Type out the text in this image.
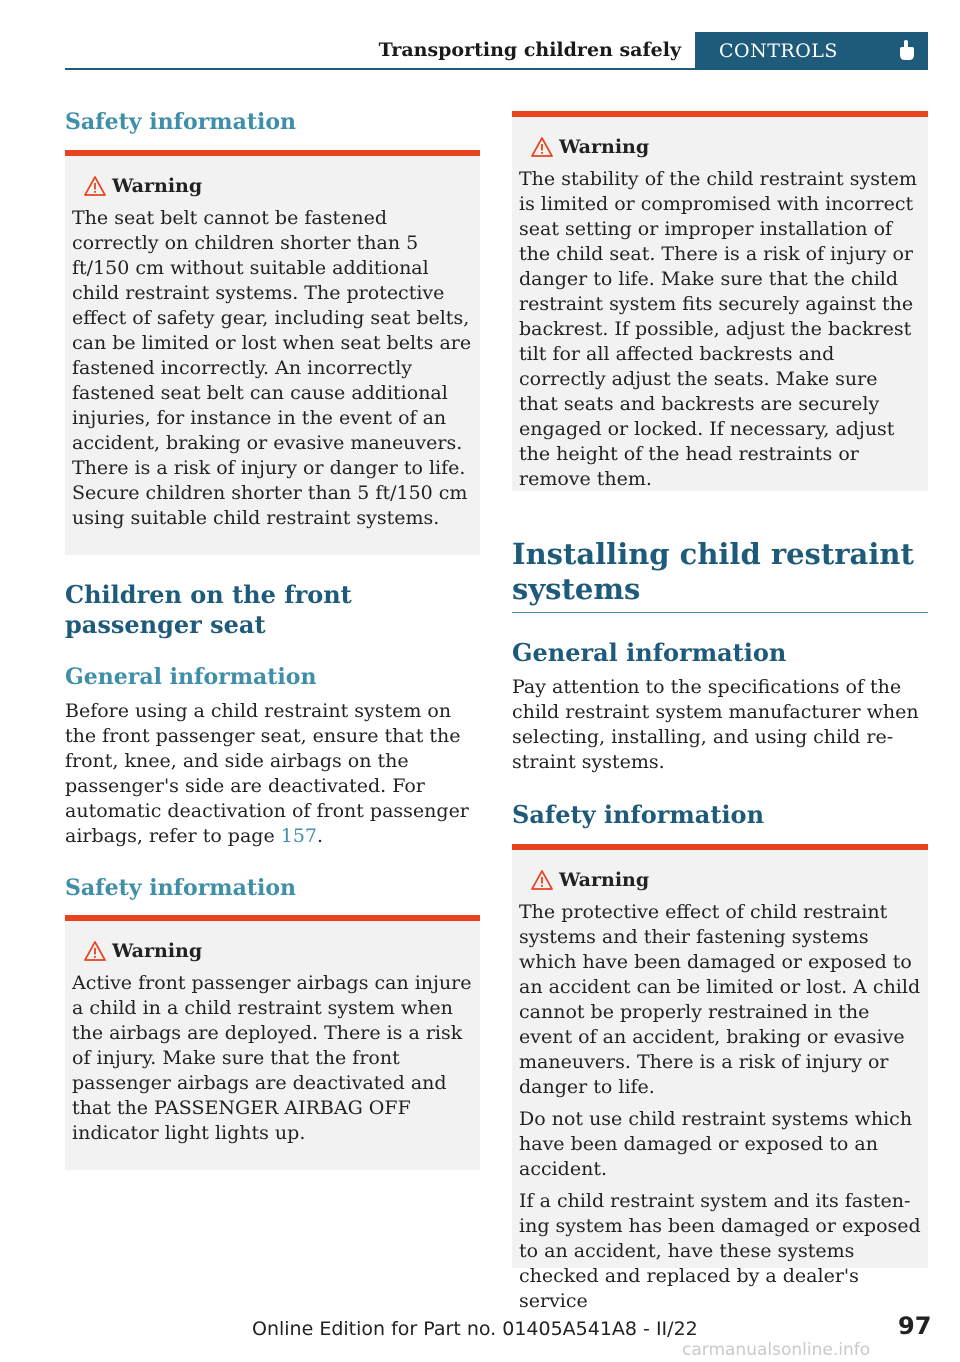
Transporting children safely	CONTROLS
Safety information
Warning

The seat belt cannot be fastened correctly on children shorter than 5 ft/150 cm without suitable additional child restraint systems. The protective effect of safety gear, including seat belts, can be limited or lost when seat belts are fastened incorrectly. An incorrectly fastened seat belt can cause additional injuries, for instance in the event of an accident, braking or evasive maneuvers. There is a risk of injury or danger to life. Secure children shorter than 5 ft/150 cm using suitable child restraint systems.

Children on the front passenger seat
General information

Before using a child restraint system on the front passenger seat, ensure that the front, knee, and side airbags on the passenger's side are deactivated. For automatic deactivation of front passenger airbags, refer to page 157.

Safety information
Warning

Active front passenger airbags can injure a child in a child restraint system when the airbags are deployed. There is a risk of injury. Make sure that the front passenger airbags are deactivated and that the PASSENGER AIRBAG OFF indicator light lights up.

Warning

The stability of the child restraint system is limited or compromised with incorrect seat setting or improper installation of the child seat. There is a risk of injury or danger to life. Make sure that the child restraint system fits securely against the backrest. If possible, adjust the backrest tilt for all affected backrests and correctly adjust the seats. Make sure that seats and backrests are securely engaged or locked. If necessary, adjust the height of the head restraints or remove them.

Installing child restraint systems
General information

Pay attention to the specifications of the child restraint system manufacturer when selecting, installing, and using child restraint systems.

Safety information
Warning

The protective effect of child restraint systems and their fastening systems which have been damaged or exposed to an accident can be limited or lost. A child cannot be properly restrained in the event of an accident, braking or evasive maneuvers. There is a risk of injury or danger to life.

Do not use child restraint systems which have been damaged or exposed to an accident.

If a child restraint system and its fastening system has been damaged or exposed to an accident, have these systems checked and replaced by a dealer's service

Online Edition for Part no. 01405A541A8 - II/22	97
carmanualsonline.info
